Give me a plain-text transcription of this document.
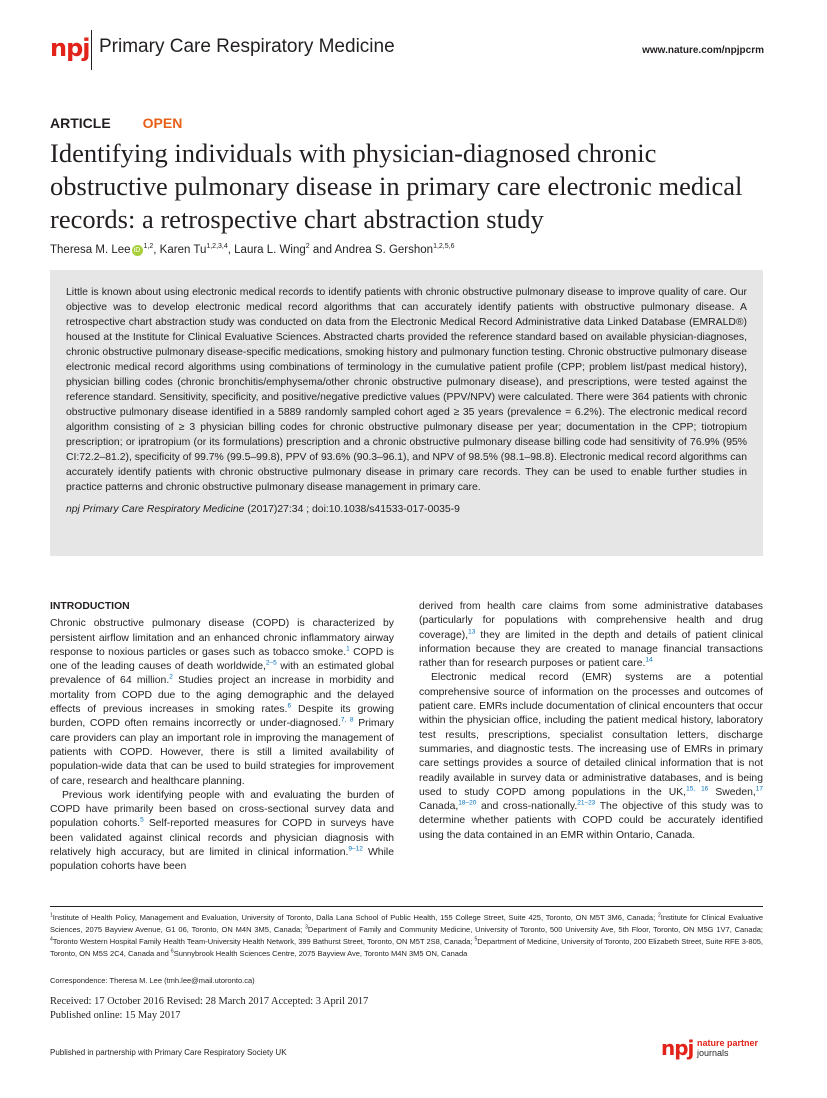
npj Primary Care Respiratory Medicine	www.nature.com/npjpcrm
ARTICLE OPEN
Identifying individuals with physician-diagnosed chronic obstructive pulmonary disease in primary care electronic medical records: a retrospective chart abstraction study
Theresa M. Lee iD$^{1,2}$, Karen Tu$^{1,2,3,4}$, Laura L. Wing$^2$ and Andrea S. Gershon$^{1,2,5,6}$

Little is known about using electronic medical records to identify patients with chronic obstructive pulmonary disease to improve quality of care. Our objective was to develop electronic medical record algorithms that can accurately identify patients with obstructive pulmonary disease. A retrospective chart abstraction study was conducted on data from the Electronic Medical Record Administrative data Linked Database (EMRALD®) housed at the Institute for Clinical Evaluative Sciences. Abstracted charts provided the reference standard based on available physician-diagnoses, chronic obstructive pulmonary disease-specific medications, smoking history and pulmonary function testing. Chronic obstructive pulmonary disease electronic medical record algorithms using combinations of terminology in the cumulative patient profile (CPP; problem list/past medical history), physician billing codes (chronic bronchitis/emphysema/other chronic obstructive pulmonary disease), and prescriptions, were tested against the reference standard. Sensitivity, specificity, and positive/negative predictive values (PPV/NPV) were calculated. There were 364 patients with chronic obstructive pulmonary disease identified in a 5889 randomly sampled cohort aged ≥ 35 years (prevalence = 6.2%). The electronic medical record algorithm consisting of ≥ 3 physician billing codes for chronic obstructive pulmonary disease per year; documentation in the CPP; tiotropium prescription; or ipratropium (or its formulations) prescription and a chronic obstructive pulmonary disease billing code had sensitivity of 76.9% (95% CI:72.2–81.2), specificity of 99.7% (99.5–99.8), PPV of 93.6% (90.3–96.1), and NPV of 98.5% (98.1–98.8). Electronic medical record algorithms can accurately identify patients with chronic obstructive pulmonary disease in primary care records. They can be used to enable further studies in practice patterns and chronic obstructive pulmonary disease management in primary care.

npj Primary Care Respiratory Medicine (2017)27:34 ; doi:10.1038/s41533-017-0035-9

INTRODUCTION

Chronic obstructive pulmonary disease (COPD) is characterized by persistent airflow limitation and an enhanced chronic inflammatory airway response to noxious particles or gases such as tobacco smoke.$^1$ COPD is one of the leading causes of death worldwide,$^{2-5}$ with an estimated global prevalence of 64 million.$^2$ Studies project an increase in morbidity and mortality from COPD due to the aging demographic and the delayed effects of previous increases in smoking rates.$^6$ Despite its growing burden, COPD often remains incorrectly or under-diagnosed.$^{7, 8}$ Primary care providers can play an important role in improving the management of patients with COPD. However, there is still a limited availability of population-wide data that can be used to build strategies for improvement of care, research and healthcare planning.

Previous work identifying people with and evaluating the burden of COPD have primarily been based on cross-sectional survey data and population cohorts.$^5$ Self-reported measures for COPD in surveys have been validated against clinical records and physician diagnosis with relatively high accuracy, but are limited in clinical information.$^{9-12}$ While population cohorts have been

derived from health care claims from some administrative databases (particularly for populations with comprehensive health and drug coverage),$^{13}$ they are limited in the depth and details of patient clinical information because they are created to manage financial transactions rather than for research purposes or patient care.$^{14}$

Electronic medical record (EMR) systems are a potential comprehensive source of information on the processes and outcomes of patient care. EMRs include documentation of clinical encounters that occur within the physician office, including the patient medical history, laboratory test results, prescriptions, specialist consultation letters, discharge summaries, and diagnostic tests. The increasing use of EMRs in primary care settings provides a source of detailed clinical information that is not readily available in survey data or administrative databases, and is being used to study COPD among populations in the UK,$^{15, 16}$ Sweden,$^{17}$ Canada,$^{18-20}$ and cross-nationally.$^{21-23}$ The objective of this study was to determine whether patients with COPD could be accurately identified using the data contained in an EMR within Ontario, Canada.

$^1$Institute of Health Policy, Management and Evaluation, University of Toronto, Dalla Lana School of Public Health, 155 College Street, Suite 425, Toronto, ON M5T 3M6, Canada; $^2$Institute for Clinical Evaluative Sciences, 2075 Bayview Avenue, G1 06, Toronto, ON M4N 3M5, Canada; $^3$Department of Family and Community Medicine, University of Toronto, 500 University Ave, 5th Floor, Toronto, ON M5G 1V7, Canada; $^4$Toronto Western Hospital Family Health Team-University Health Network, 399 Bathurst Street, Toronto, ON M5T 2S8, Canada; $^5$Department of Medicine, University of Toronto, 200 Elizabeth Street, Suite RFE 3-805, Toronto, ON M5S 2C4, Canada and $^6$Sunnybrook Health Sciences Centre, 2075 Bayview Ave, Toronto M4N 3M5 ON, Canada

Correspondence: Theresa M. Lee (tmh.lee@mail.utoronto.ca)
Received: 17 October 2016 Revised: 28 March 2017 Accepted: 3 April 2017
Published online: 15 May 2017
Published in partnership with Primary Care Respiratory Society UK	npj nature partner
journals
